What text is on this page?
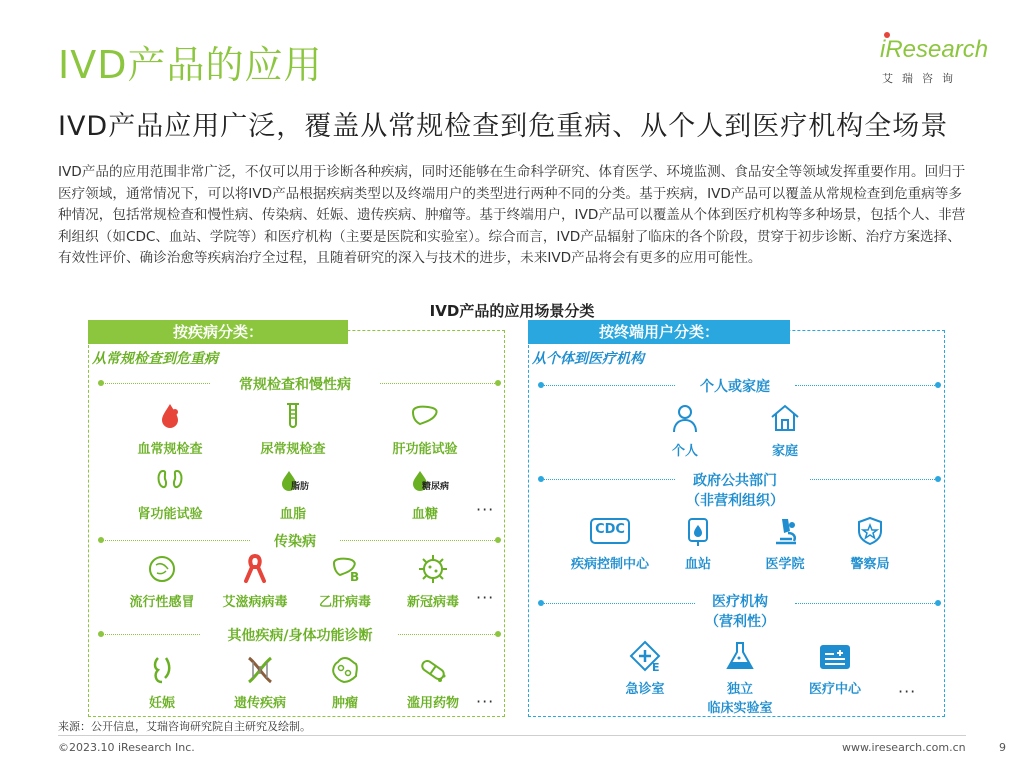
IVD产品的应用	iResearch
艾瑞咨询
IVD产品应用广泛，覆盖从常规检查到危重病、从个人到医疗机构全场景
IVD产品的应用范围非常广泛，不仅可以用于诊断各种疾病，同时还能够在生命科学研究、体育医学、环境监测、食品安全等领域发挥重要作用。回归于医疗领域，通常情况下，可以将IVD产品根据疾病类型以及终端用户的类型进行两种不同的分类。基于疾病，IVD产品可以覆盖从常规检查到危重病等多种情况，包括常规检查和慢性病、传染病、妊娠、遗传疾病、肿瘤等。基于终端用户，IVD产品可以覆盖从个体到医疗机构等多种场景，包括个人、非营利组织（如CDC、血站、学院等）和医疗机构（主要是医院和实验室）。综合而言，IVD产品辐射了临床的各个阶段，贯穿于初步诊断、治疗方案选择、有效性评价、确诊治愈等疾病治疗全过程，且随着研究的深入与技术的进步，未来IVD产品将会有更多的应用可能性。
IVD产品的应用场景分类
按疾病分类：
从常规检查到危重病
常规检查和慢性病
血常规检查	尿常规检查	肝功能试验
肾功能试验
脂肪
血脂
糖尿病
血糖	···
传染病
流行性感冒	艾滋病病毒
B
乙肝病毒	新冠病毒	···
其他疾病/身体功能诊断
妊娠	遗传疾病	肿瘤	滥用药物	···
按终端用户分类：
从个体到医疗机构
个人或家庭
个人	家庭
政府公共部门
（非营利组织）
CDC
疾病控制中心	血站	医学院	警察局
医疗机构
（营利性）
E
急诊室	独立
临床实验室
医疗中心	···
来源：公开信息，艾瑞咨询研究院自主研究及绘制。
©2023.10 iResearch Inc.	www.iresearch.com.cn	9
